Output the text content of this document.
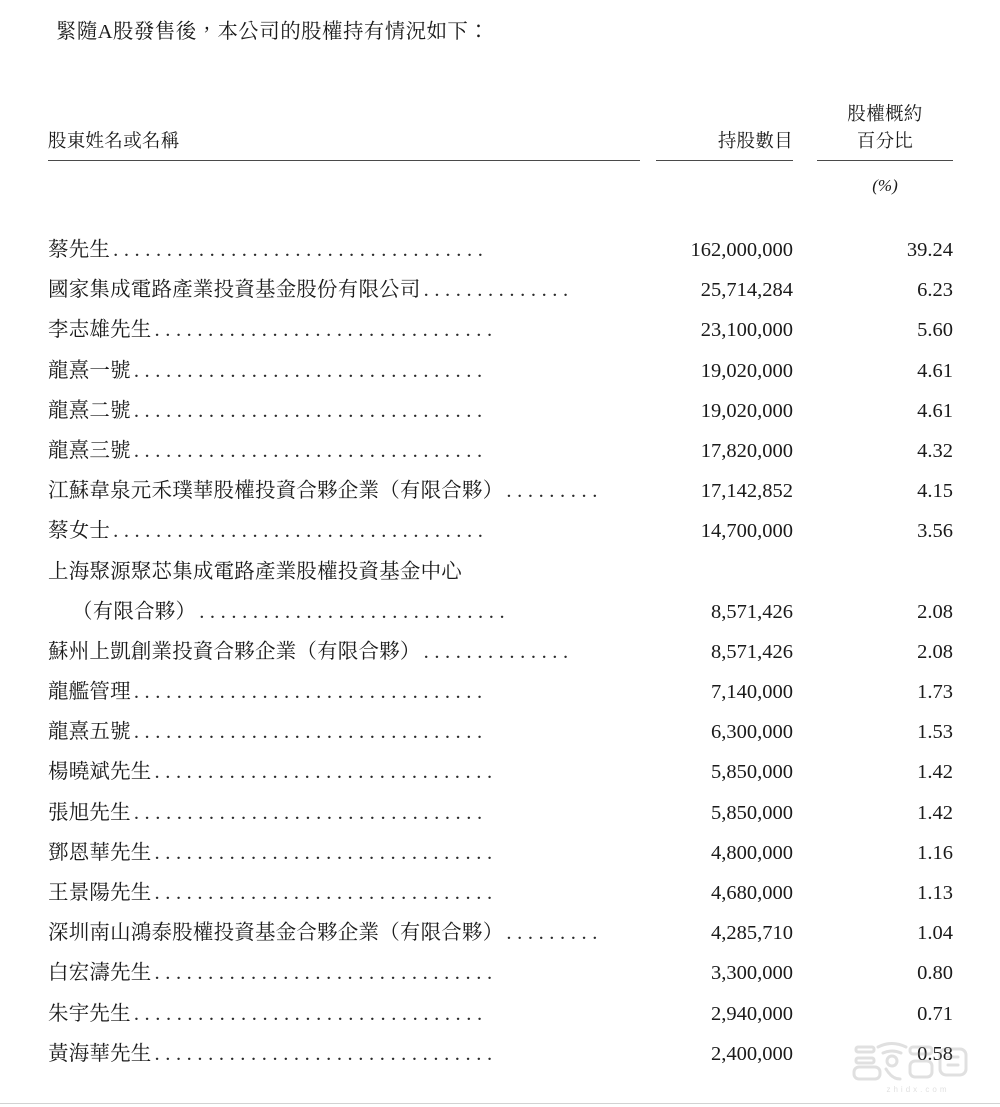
緊隨A股發售後，本公司的股權持有情況如下：
股東姓名或名稱	持股數目
股權概約
百分比
(%)
蔡先生 ...................................	162,000,000	39.24
國家集成電路產業投資基金股份有限公司 ..............	25,714,284	6.23
李志雄先生 ................................	23,100,000	5.60
龍熹一號 .................................	19,020,000	4.61
龍熹二號 .................................	19,020,000	4.61
龍熹三號 .................................	17,820,000	4.32
江蘇韋泉元禾璞華股權投資合夥企業（有限合夥） .........	17,142,852	4.15
蔡女士 ...................................	14,700,000	3.56
上海聚源聚芯集成電路產業股權投資基金中心
（有限合夥） .............................	8,571,426	2.08
蘇州上凱創業投資合夥企業（有限合夥） ..............	8,571,426	2.08
龍艦管理 .................................	7,140,000	1.73
龍熹五號 .................................	6,300,000	1.53
楊曉斌先生 ................................	5,850,000	1.42
張旭先生 .................................	5,850,000	1.42
鄧恩華先生 ................................	4,800,000	1.16
王景陽先生 ................................	4,680,000	1.13
深圳南山鴻泰股權投資基金合夥企業（有限合夥） .........	4,285,710	1.04
白宏濤先生 ................................	3,300,000	0.80
朱宇先生 .................................	2,940,000	0.71
黃海華先生 ................................	2,400,000	0.58
zhidx.com
